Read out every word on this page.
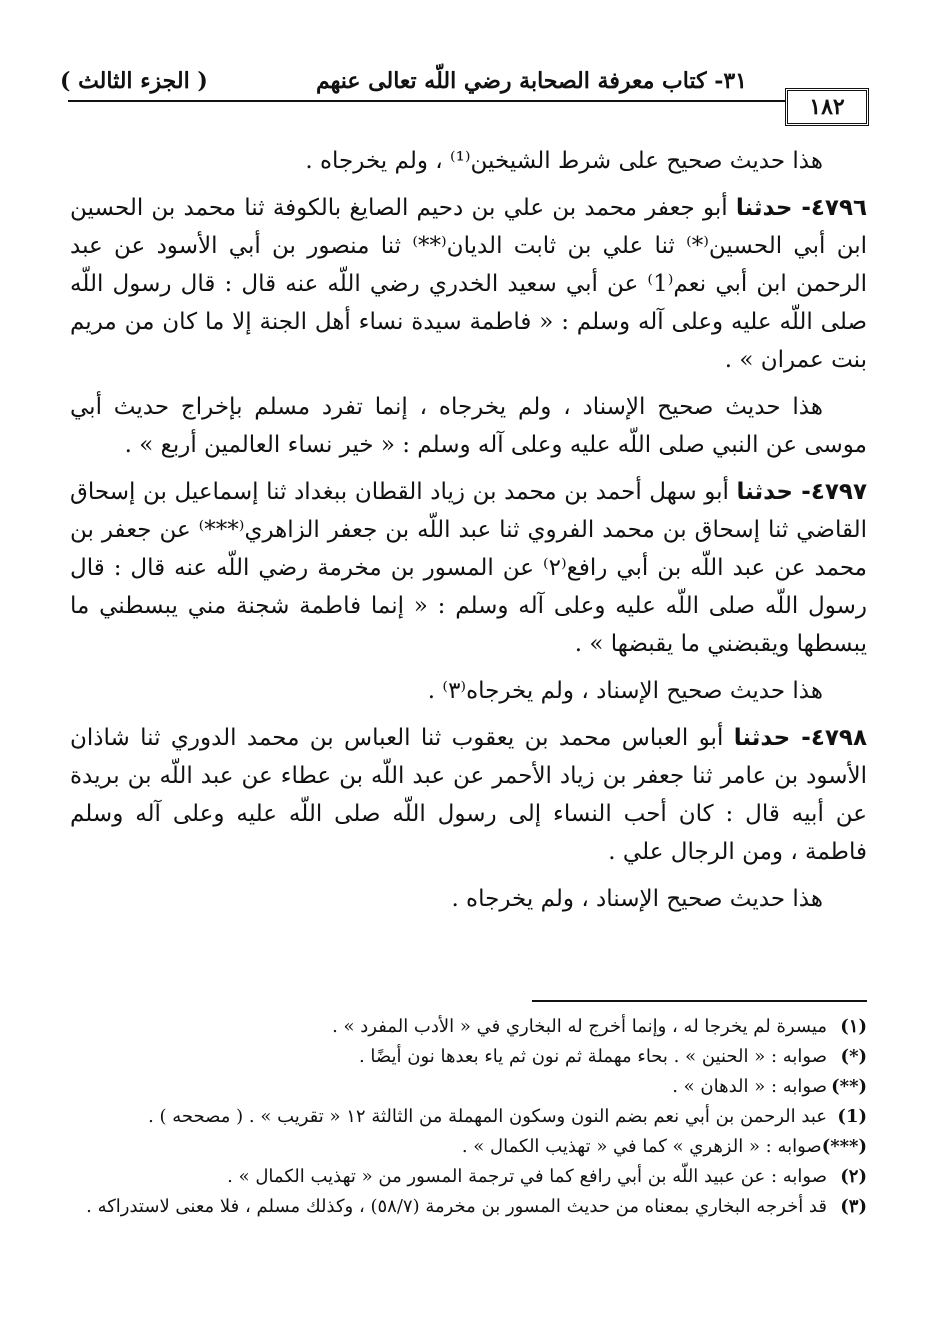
٣١- كتاب معرفة الصحابة رضي اللّه تعالى عنهم
( الجزء الثالث )
١٨٢

هذا حديث صحيح على شرط الشيخين⁽¹⁾ ، ولم يخرجاه .

٤٧٩٦- حدثنا أبو جعفر محمد بن علي بن دحيم الصايغ بالكوفة ثنا محمد بن الحسين ابن أبي الحسين⁽*⁾ ثنا علي بن ثابت الديان⁽**⁾ ثنا منصور بن أبي الأسود عن عبد الرحمن ابن أبي نعم⁽1⁾ عن أبي سعيد الخدري رضي اللّه عنه قال : قال رسول اللّه صلى اللّه عليه وعلى آله وسلم : « فاطمة سيدة نساء أهل الجنة إلا ما كان من مريم بنت عمران » .

هذا حديث صحيح الإسناد ، ولم يخرجاه ، إنما تفرد مسلم بإخراج حديث أبي موسى عن النبي صلى اللّه عليه وعلى آله وسلم : « خير نساء العالمين أربع » .

٤٧٩٧- حدثنا أبو سهل أحمد بن محمد بن زياد القطان ببغداد ثنا إسماعيل بن إسحاق القاضي ثنا إسحاق بن محمد الفروي ثنا عبد اللّه بن جعفر الزاهري⁽***⁾ عن جعفر بن محمد عن عبد اللّه بن أبي رافع⁽٢⁾ عن المسور بن مخرمة رضي اللّه عنه قال : قال رسول اللّه صلى اللّه عليه وعلى آله وسلم : « إنما فاطمة شجنة مني يبسطني ما يبسطها ويقبضني ما يقبضها » .

هذا حديث صحيح الإسناد ، ولم يخرجاه⁽٣⁾ .

٤٧٩٨- حدثنا أبو العباس محمد بن يعقوب ثنا العباس بن محمد الدوري ثنا شاذان الأسود بن عامر ثنا جعفر بن زياد الأحمر عن عبد اللّه بن عطاء عن عبد اللّه بن بريدة عن أبيه قال : كان أحب النساء إلى رسول اللّه صلى اللّه عليه وعلى آله وسلم فاطمة ، ومن الرجال علي .

هذا حديث صحيح الإسناد ، ولم يخرجاه .

(١)
ميسرة لم يخرجا له ، وإنما أخرج له البخاري في « الأدب المفرد » .

(*)
صوابه : « الحنين » . بحاء مهملة ثم نون ثم ياء بعدها نون أيضًا .

(**)
صوابه : « الدهان » .

(1)
عبد الرحمن بن أبي نعم بضم النون وسكون المهملة من الثالثة ١٢ « تقريب » . ( مصححه ) .

(***)
صوابه : « الزهري » كما في « تهذيب الكمال » .

(٢)
صوابه : عن عبيد اللّه بن أبي رافع كما في ترجمة المسور من « تهذيب الكمال » .

(٣)
قد أخرجه البخاري بمعناه من حديث المسور بن مخرمة (٥٨/٧) ، وكذلك مسلم ، فلا معنى لاستدراكه .
